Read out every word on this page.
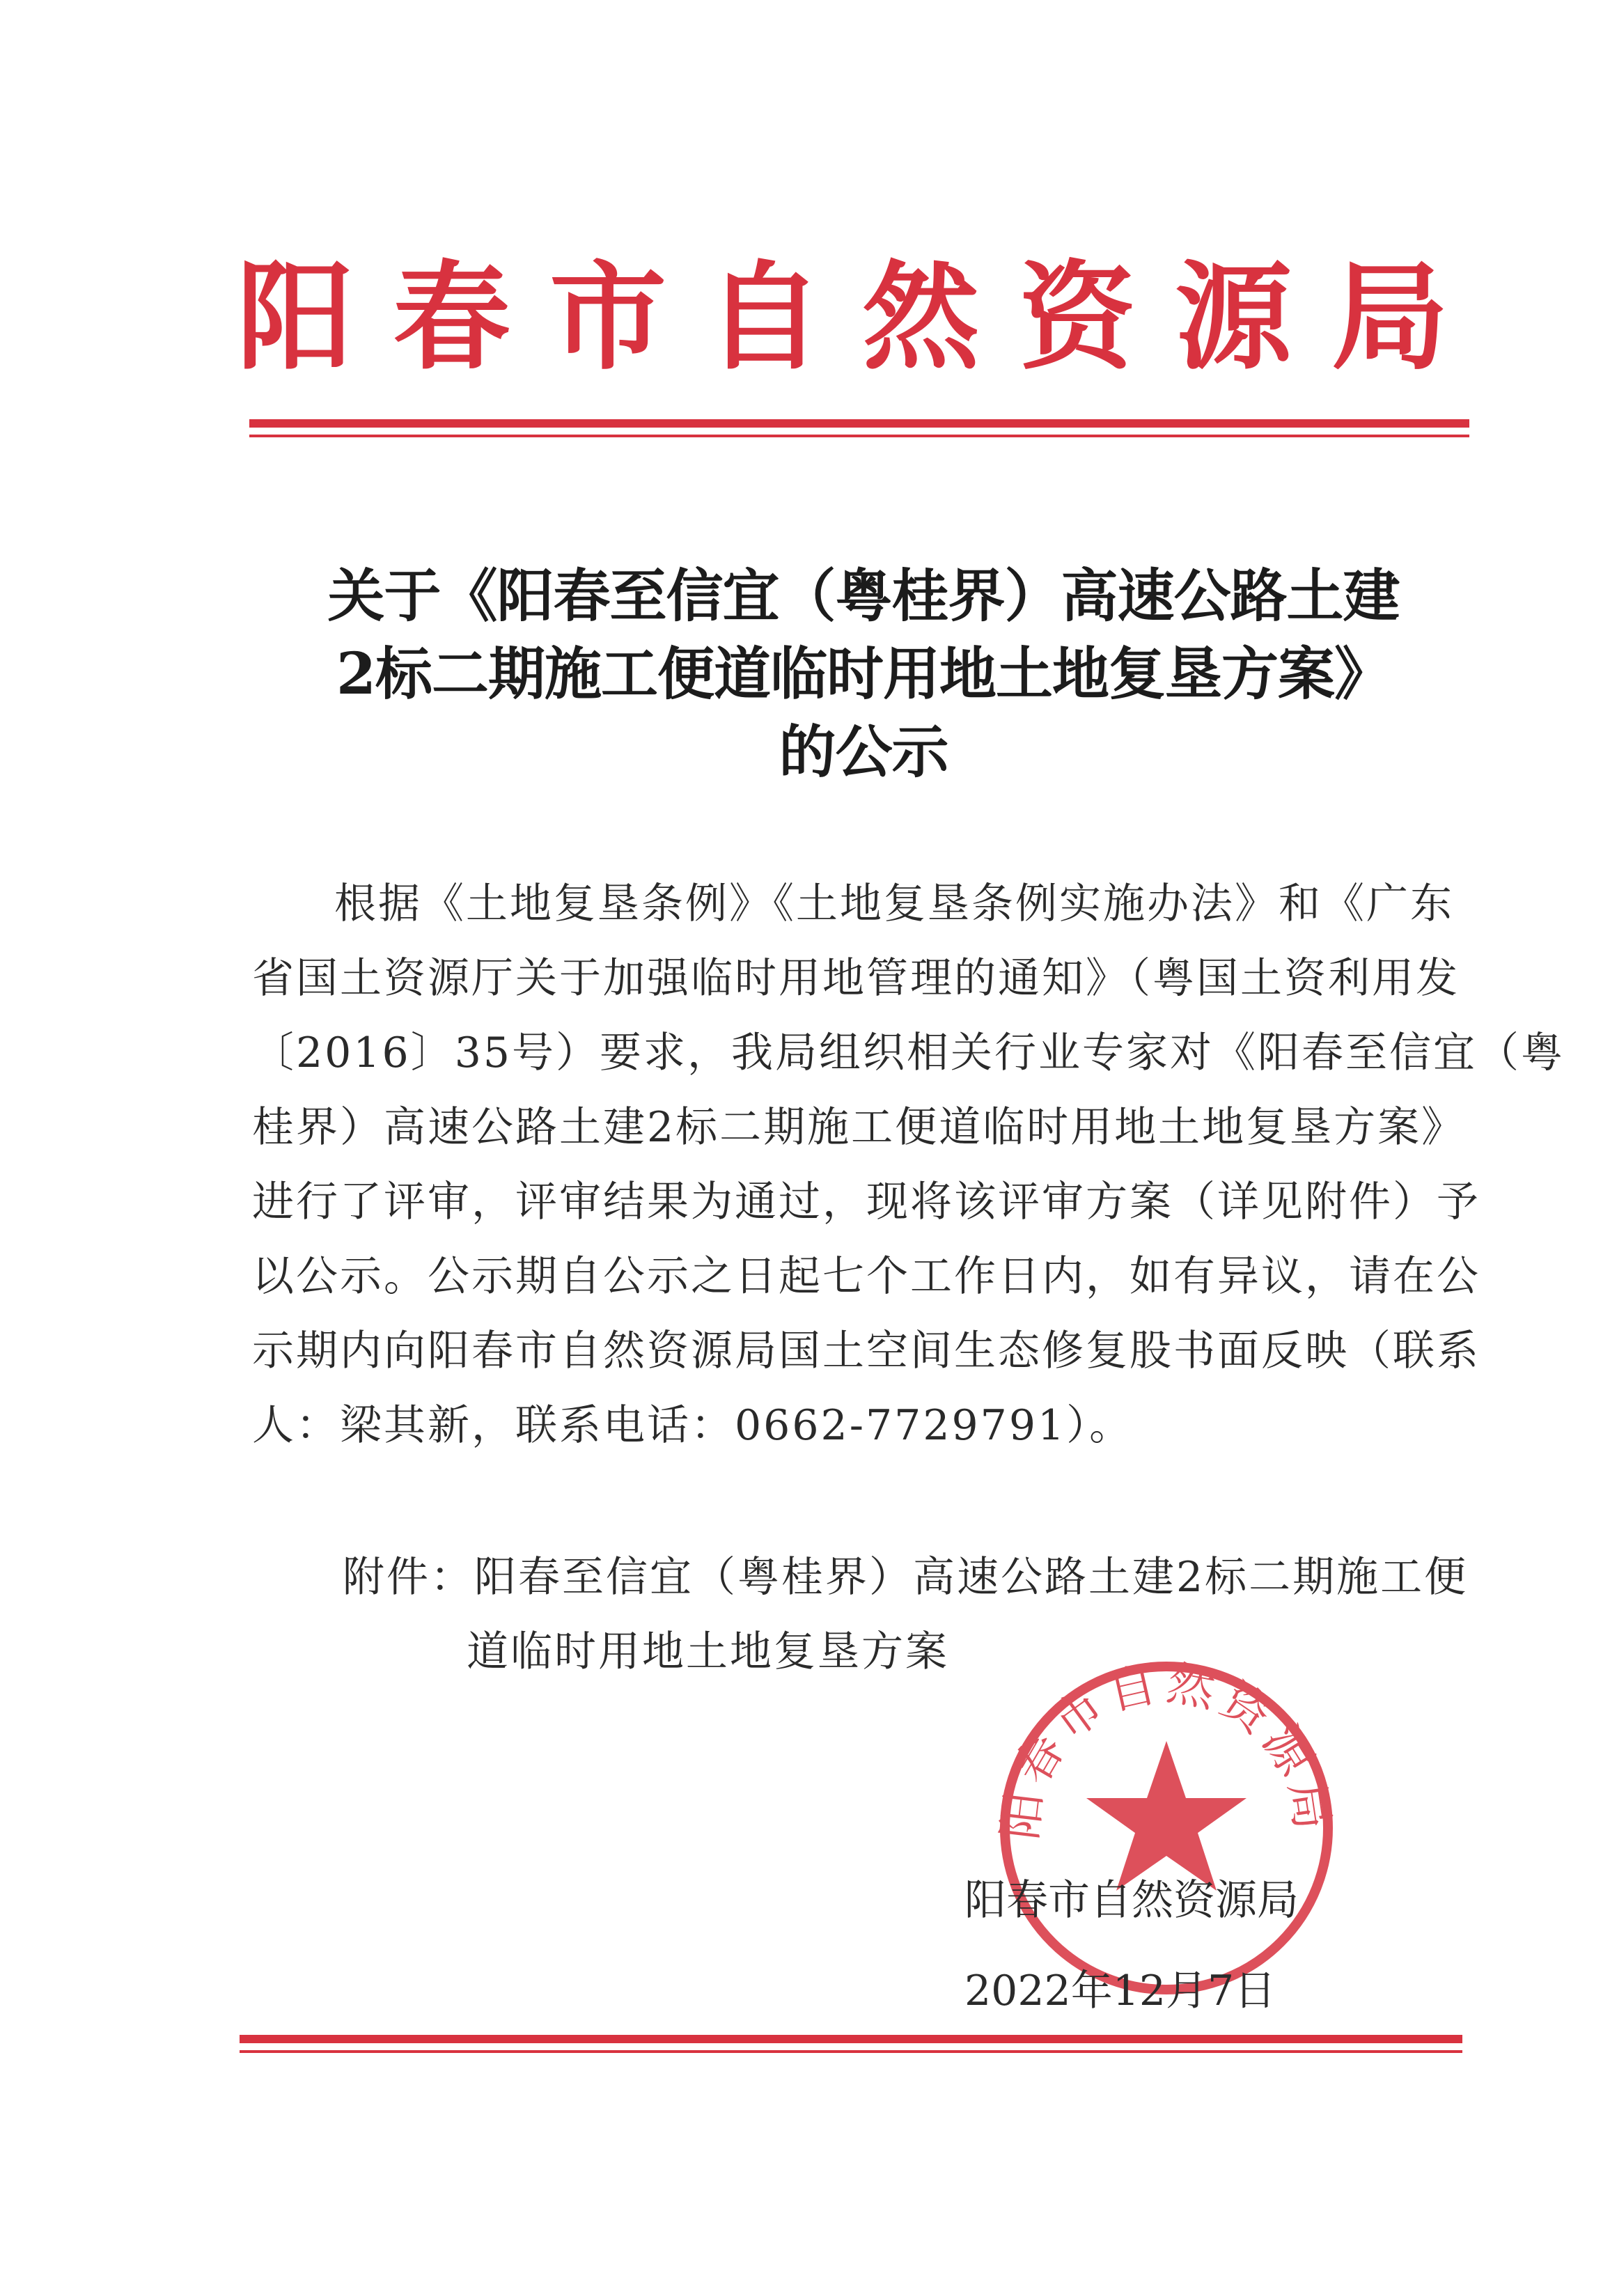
阳 春 市 自 然 资 源 局
关于《阳春至信宜（粤桂界）高速公路土建
2标二期施工便道临时用地土地复垦方案》
的公示
根据《土地复垦条例》《土地复垦条例实施办法》和《广东
省国土资源厅关于加强临时用地管理的通知》（粤国土资利用发
〔2016〕35号）要求，我局组织相关行业专家对《阳春至信宜（粤
桂界）高速公路土建2标二期施工便道临时用地土地复垦方案》
进行了评审，评审结果为通过，现将该评审方案（详见附件）予
以公示。公示期自公示之日起七个工作日内，如有异议，请在公
示期内向阳春市自然资源局国土空间生态修复股书面反映（联系
人：梁其新，联系电话：0662-7729791）。
附件：阳春至信宜（粤桂界）高速公路土建2标二期施工便
道临时用地土地复垦方案
阳春市自然资源局
阳春市自然资源局
2022年12月7日
